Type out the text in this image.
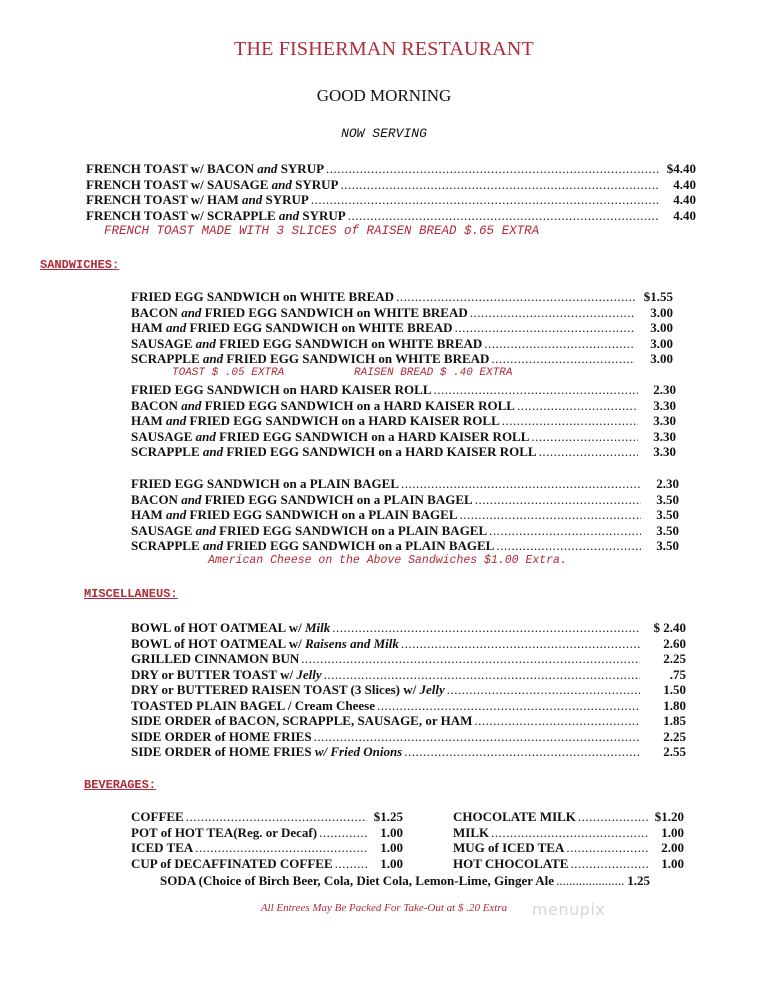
THE FISHERMAN RESTAURANT
GOOD MORNING
NOW SERVING
FRENCH TOAST w/ BACON and SYRUP .....	$4.40
FRENCH TOAST w/ SAUSAGE and SYRUP .....	4.40
FRENCH TOAST w/ HAM and SYRUP .....	4.40
FRENCH TOAST w/ SCRAPPLE and SYRUP .....	4.40
FRENCH TOAST MADE WITH 3 SLICES of RAISEN BREAD $.65 EXTRA
SANDWICHES:
FRIED EGG SANDWICH on WHITE BREAD .....	$1.55
BACON and FRIED EGG SANDWICH on WHITE BREAD .....	3.00
HAM and FRIED EGG SANDWICH on WHITE BREAD .....	3.00
SAUSAGE and FRIED EGG SANDWICH on WHITE BREAD .....	3.00
SCRAPPLE and FRIED EGG SANDWICH on WHITE BREAD .....	3.00
TOAST $ .05 EXTRA	RAISEN BREAD $ .40 EXTRA
FRIED EGG SANDWICH on HARD KAISER ROLL .....	2.30
BACON and FRIED EGG SANDWICH on a HARD KAISER ROLL .....	3.30
HAM and FRIED EGG SANDWICH on a HARD KAISER ROLL .....	3.30
SAUSAGE and FRIED EGG SANDWICH on a HARD KAISER ROLL .....	3.30
SCRAPPLE and FRIED EGG SANDWICH on a HARD KAISER ROLL .....	3.30
FRIED EGG SANDWICH on a PLAIN BAGEL .....	2.30
BACON and FRIED EGG SANDWICH on a PLAIN BAGEL .....	3.50
HAM and FRIED EGG SANDWICH on a PLAIN BAGEL .....	3.50
SAUSAGE and FRIED EGG SANDWICH on a PLAIN BAGEL .....	3.50
SCRAPPLE and FRIED EGG SANDWICH on a PLAIN BAGEL .....	3.50
American Cheese on the Above Sandwiches $1.00 Extra.
MISCELLANEUS:
BOWL of HOT OATMEAL w/ Milk .....	$ 2.40
BOWL of HOT OATMEAL w/ Raisens and Milk .....	2.60
GRILLED CINNAMON BUN .....	2.25
DRY or BUTTER TOAST w/ Jelly .....	.75
DRY or BUTTERED RAISEN TOAST (3 Slices) w/ Jelly .....	1.50
TOASTED PLAIN BAGEL / Cream Cheese .....	1.80
SIDE ORDER of BACON, SCRAPPLE, SAUSAGE, or HAM .....	1.85
SIDE ORDER of HOME FRIES .....	2.25
SIDE ORDER of HOME FRIES w/ Fried Onions .....	2.55
BEVERAGES:
COFFEE .....	$1.25
POT of HOT TEA(Reg. or Decaf) .....	1.00
ICED TEA .....	1.00
CUP of DECAFFINATED COFFEE .....	1.00
CHOCOLATE MILK .....	$1.20
MILK .....	1.00
MUG of ICED TEA .....	2.00
HOT CHOCOLATE .....	1.00
SODA (Choice of Birch Beer, Cola, Diet Cola, Lemon-Lime, Ginger Ale .....	1.25
All Entrees May Be Packed For Take-Out at $ .20 Extra	menupix
